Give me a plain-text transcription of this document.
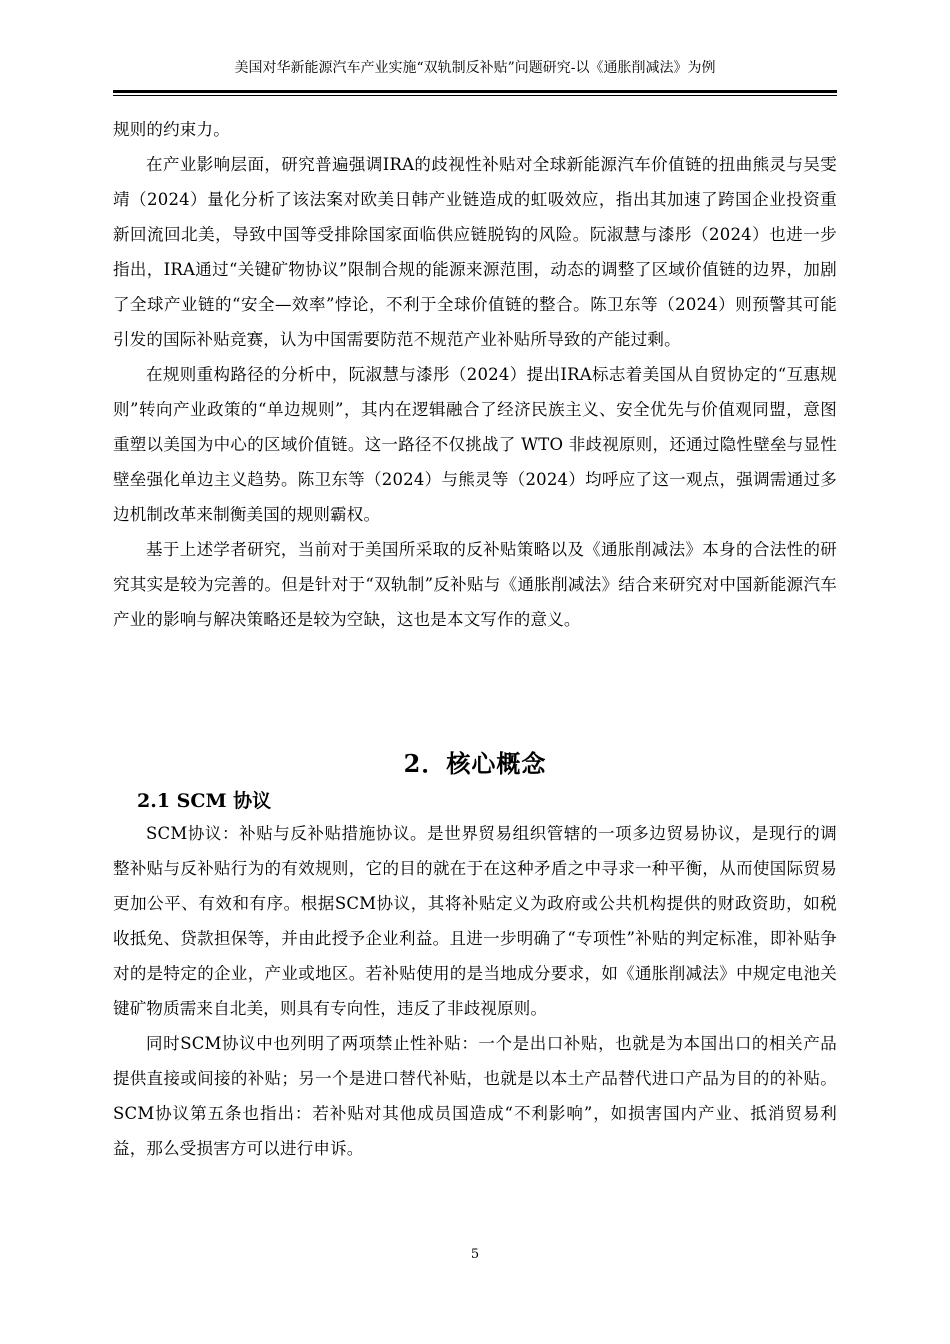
美国对华新能源汽车产业实施“双轨制反补贴”问题研究-以《通胀削减法》为例

规则的约束力。

在产业影响层面，研究普遍强调IRA的歧视性补贴对全球新能源汽车价值链的扭曲熊灵与吴雯靖（2024）量化分析了该法案对欧美日韩产业链造成的虹吸效应，指出其加速了跨国企业投资重新回流回北美，导致中国等受排除国家面临供应链脱钩的风险。阮淑慧与漆彤（2024）也进一步指出，IRA通过“关键矿物协议”限制合规的能源来源范围，动态的调整了区域价值链的边界，加剧了全球产业链的“安全—效率”悖论，不利于全球价值链的整合。陈卫东等（2024）则预警其可能引发的国际补贴竞赛，认为中国需要防范不规范产业补贴所导致的产能过剩。

在规则重构路径的分析中，阮淑慧与漆彤（2024）提出IRA标志着美国从自贸协定的“互惠规则”转向产业政策的“单边规则”，其内在逻辑融合了经济民族主义、安全优先与价值观同盟，意图重塑以美国为中心的区域价值链。这一路径不仅挑战了 WTO 非歧视原则，还通过隐性壁垒与显性壁垒强化单边主义趋势。陈卫东等（2024）与熊灵等（2024）均呼应了这一观点，强调需通过多边机制改革来制衡美国的规则霸权。

基于上述学者研究，当前对于美国所采取的反补贴策略以及《通胀削减法》本身的合法性的研究其实是较为完善的。但是针对于“双轨制”反补贴与《通胀削减法》结合来研究对中国新能源汽车产业的影响与解决策略还是较为空缺，这也是本文写作的意义。

2．核心概念
2.1 SCM 协议

SCM协议：补贴与反补贴措施协议。是世界贸易组织管辖的一项多边贸易协议，是现行的调整补贴与反补贴行为的有效规则，它的目的就在于在这种矛盾之中寻求一种平衡，从而使国际贸易更加公平、有效和有序。根据SCM协议，其将补贴定义为政府或公共机构提供的财政资助，如税收抵免、贷款担保等，并由此授予企业利益。且进一步明确了“专项性”补贴的判定标准，即补贴争对的是特定的企业，产业或地区。若补贴使用的是当地成分要求，如《通胀削减法》中规定电池关键矿物质需来自北美，则具有专向性，违反了非歧视原则。

同时SCM协议中也列明了两项禁止性补贴：一个是出口补贴，也就是为本国出口的相关产品提供直接或间接的补贴；另一个是进口替代补贴，也就是以本土产品替代进口产品为目的的补贴。SCM协议第五条也指出：若补贴对其他成员国造成“不利影响”，如损害国内产业、抵消贸易利益，那么受损害方可以进行申诉。

5
